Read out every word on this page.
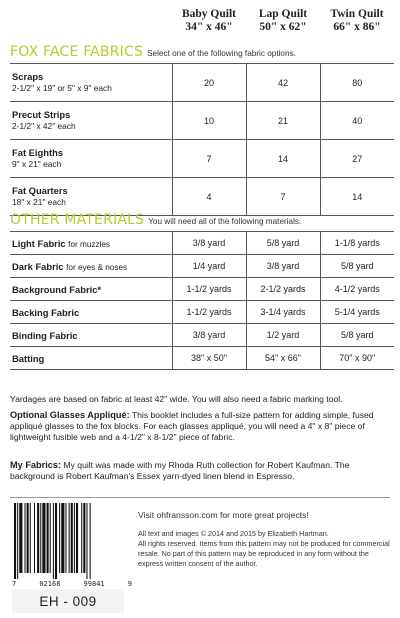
Baby Quilt
34" x 46"
Lap Quilt
50" x 62"
Twin Quilt
66" x 86"
FOX FACE FABRICS Select one of the following fabric options.
Scraps
2-1/2" x 19" or 5" x 9" each	20	42	80

Precut Strips
2-1/2" x 42" each	10	21	40

Fat Eighths
9" x 21" each	7	14	27

Fat Quarters
18" x 21" each	4	7	14
OTHER MATERIALS You will need all of the following materials.
Light Fabric for muzzles	3/8 yard	5/8 yard	1-1/8 yards
Dark Fabric for eyes & noses	1/4 yard	3/8 yard	5/8 yard
Background Fabric*	1-1/2 yards	2-1/2 yards	4-1/2 yards
Backing Fabric	1-1/2 yards	3-1/4 yards	5-1/4 yards
Binding Fabric	3/8 yard	1/2 yard	5/8 yard
Batting	38" x 50"	54" x 66"	70" x 90"
Yardages are based on fabric at least 42" wide. You will also need a fabric marking tool.
Optional Glasses Appliqué: This booklet includes a full-size pattern for adding simple, fused appliqué glasses to the fox blocks. For each glasses appliqué, you will need a 4" x 8" piece of lightweight fusible web and a 4-1/2" x 8-1/2" piece of fabric.
My Fabrics: My quilt was made with my Rhoda Ruth collection for Robert Kaufman. The background is Robert Kaufman's Essex yarn-dyed linen blend in Espresso.
7	02168	99841	9
EH - 009
Visit ohfransson.com for more great projects!
All text and images © 2014 and 2015 by Elizabeth Hartman.
All rights reserved. Items from this pattern may not be produced for commercial resale. No part of this pattern may be reproduced in any form without the express written consent of the author.
